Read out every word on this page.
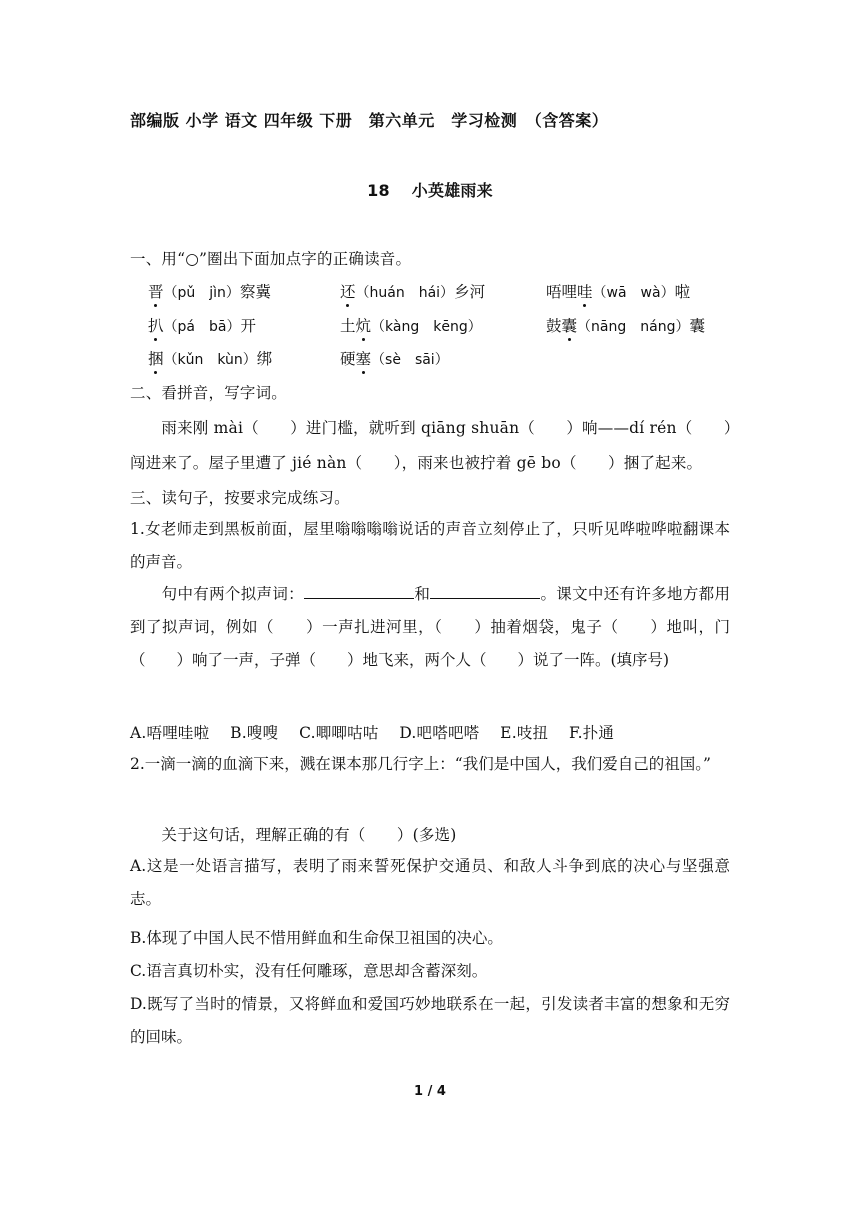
部编版 小学 语文 四年级 下册　第六单元　学习检测　（含答案）
18　 小英雄雨来
一、用“○”圈出下面加点字的正确读音。
晋（pǔ　jìn）察冀	还（huán　hái）乡河	唔哩哇（wā　wà）啦
扒（pá　bā）开	土炕（kàng　kēng）	鼓囊（nāng　náng）囊
捆（kǔn　kùn）绑	硬塞（sè　sāi）
二、看拼音，写字词。
　　雨来刚 mài（　　）进门槛，就听到 qiāng shuān（　　）响——dí rén（　　）
闯进来了。屋子里遭了 jié nàn（　　），雨来也被拧着 gē bo（　　）捆了起来。
三、读句子，按要求完成练习。
1.女老师走到黑板前面，屋里嗡嗡嗡嗡说话的声音立刻停止了，只听见哗啦哗啦翻课本的声音。
　　句中有两个拟声词：	和	。课文中还有许多地方都用到了拟声词，例如（　　）一声扎进河里，（　　）抽着烟袋，鬼子（　　）地叫，门（　　）响了一声，子弹（　　）地飞来，两个人（　　）说了一阵。(填序号)
A.唔哩哇啦　 B.嗖嗖　 C.唧唧咕咕　 D.吧嗒吧嗒　 E.吱扭　 F.扑通
2.一滴一滴的血滴下来，溅在课本那几行字上：“我们是中国人，我们爱自己的祖国。”
　　关于这句话，理解正确的有（　　）(多选)
A.这是一处语言描写，表明了雨来誓死保护交通员、和敌人斗争到底的决心与坚强意志。
B.体现了中国人民不惜用鲜血和生命保卫祖国的决心。
C.语言真切朴实，没有任何雕琢，意思却含蓄深刻。
D.既写了当时的情景，又将鲜血和爱国巧妙地联系在一起，引发读者丰富的想象和无穷的回味。
1 / 4
